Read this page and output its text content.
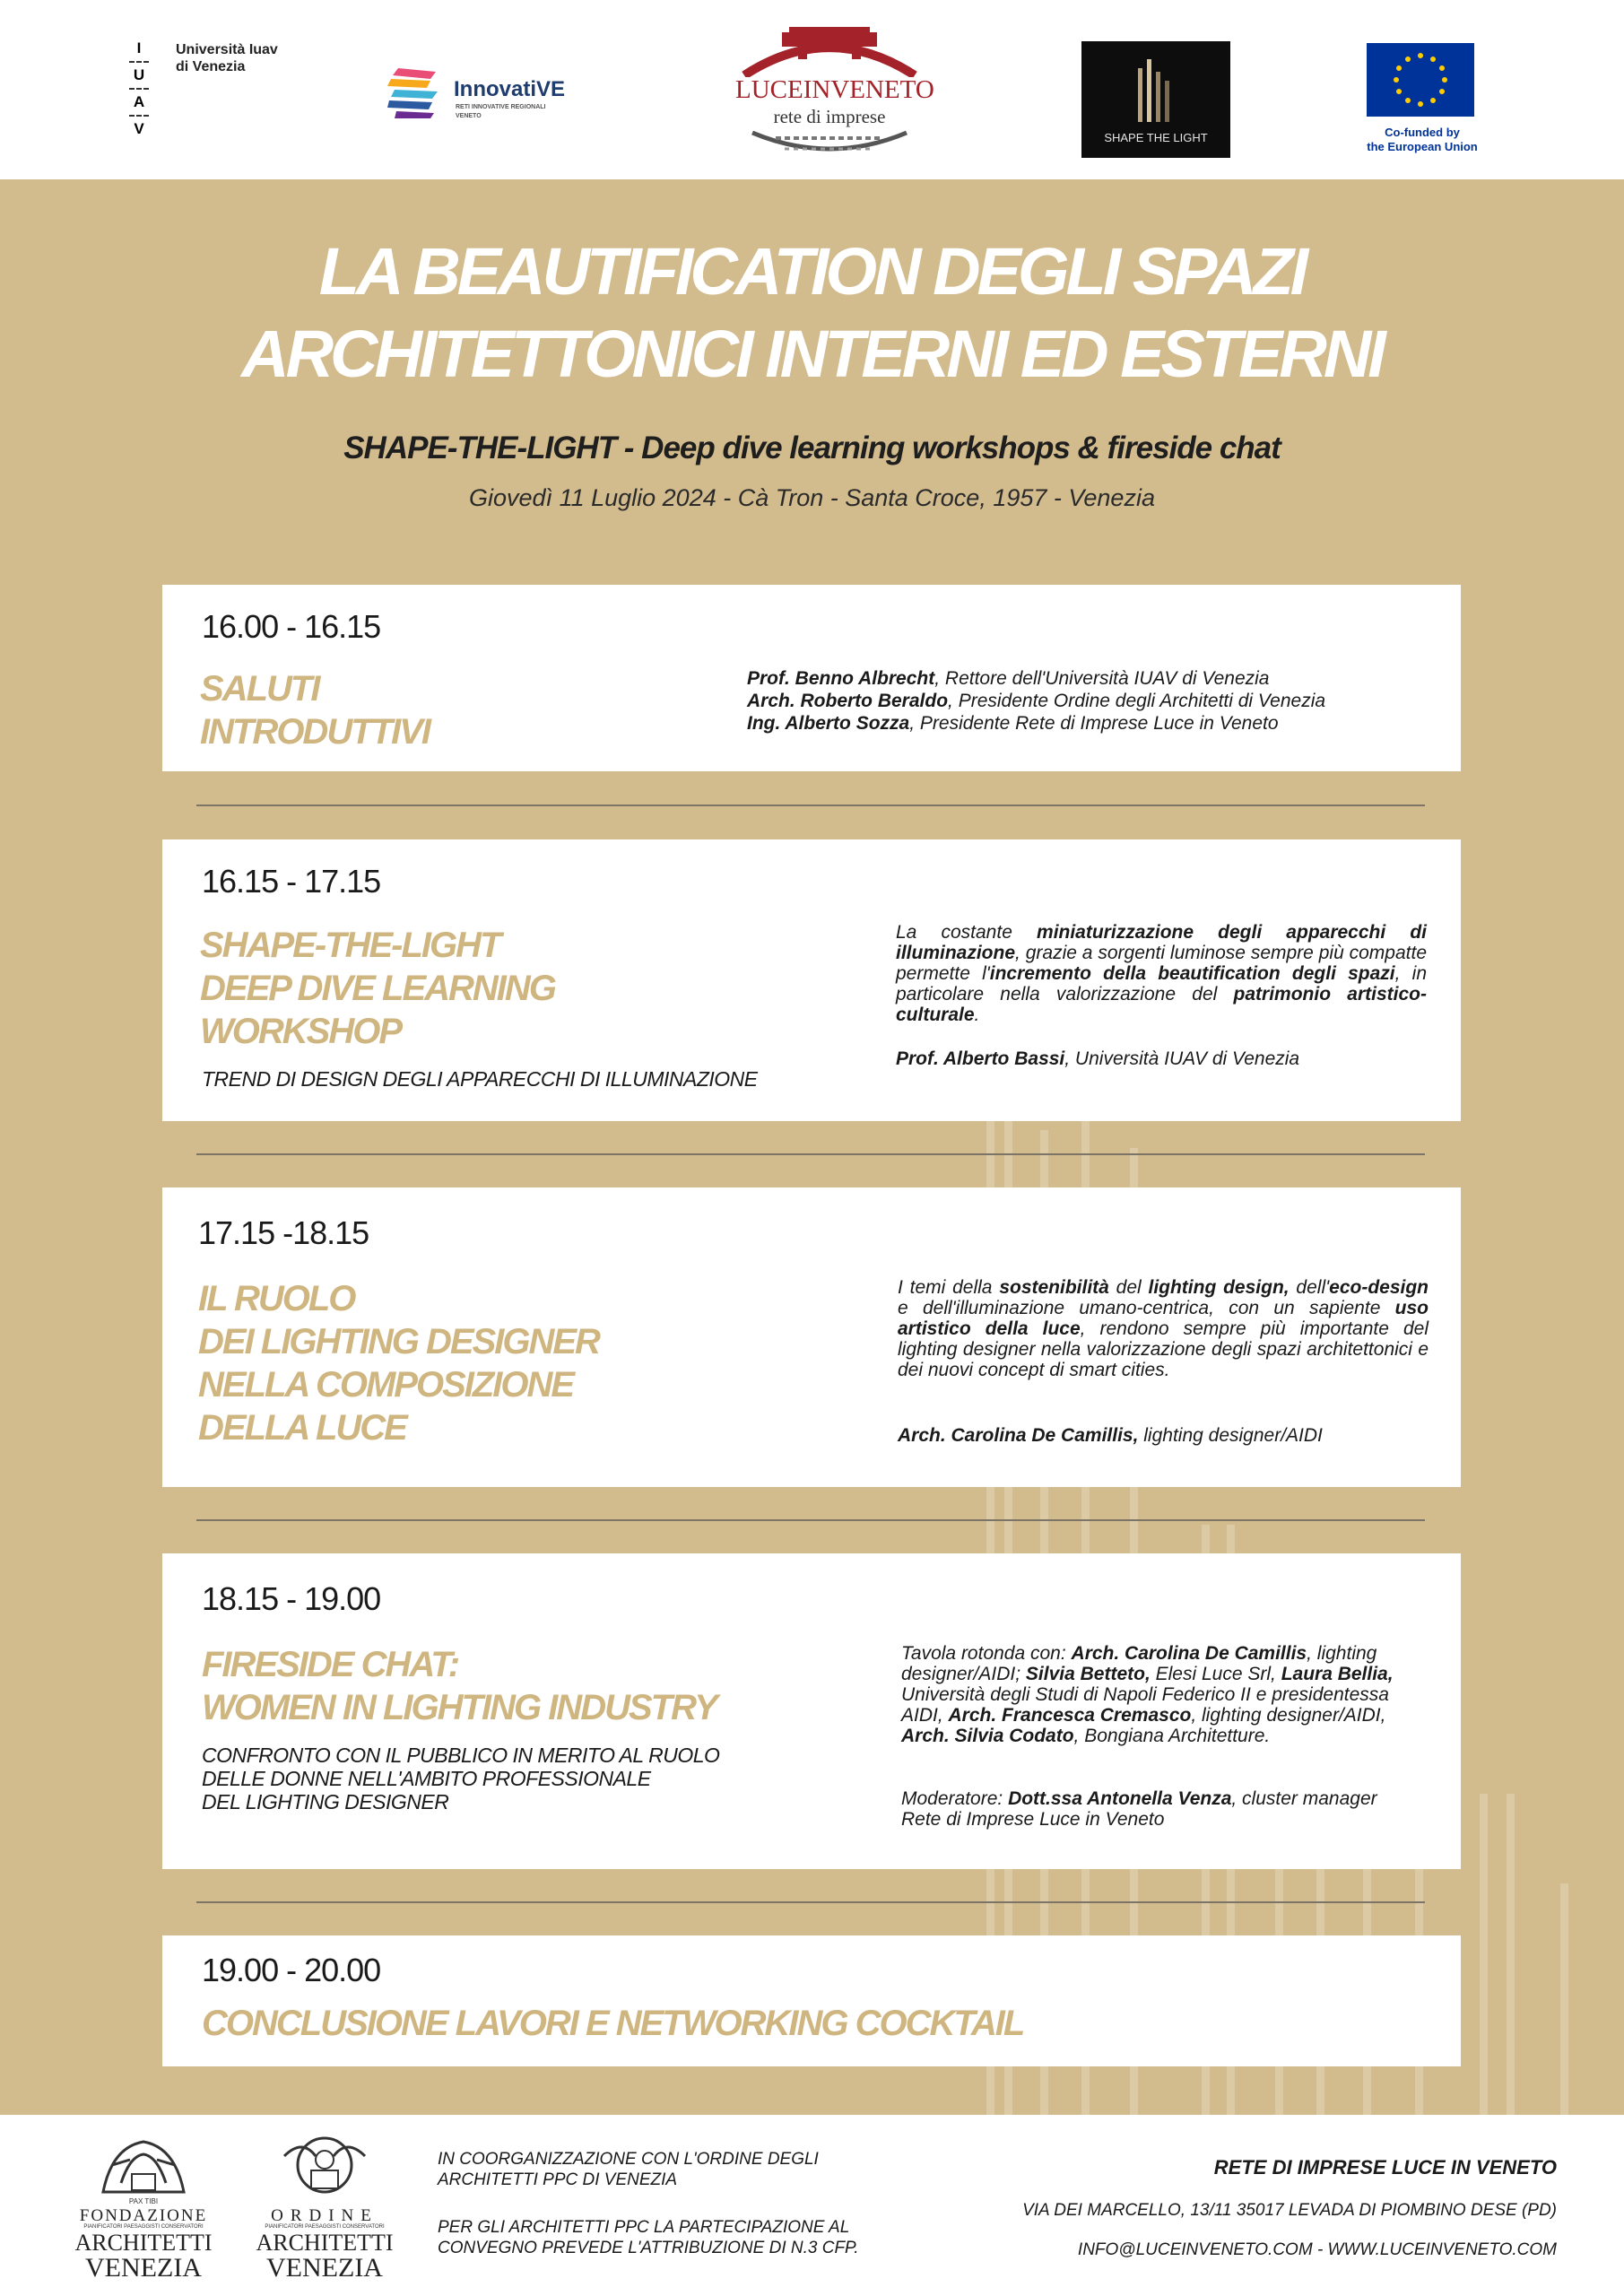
I
U
A
V
Università Iuav
di Venezia
InnovatiVE
RETI INNOVATIVE REGIONALI
VENETO
LUCEINVENETO
rete di imprese
SHAPE THE LIGHT	Co-funded by
the European Union
LA BEAUTIFICATION DEGLI SPAZI
ARCHITETTONICI INTERNI ED ESTERNI
SHAPE-THE-LIGHT - Deep dive learning workshops & fireside chat
Giovedì 11 Luglio 2024 - Cà Tron - Santa Croce, 1957 - Venezia
16.00 - 16.15
SALUTI
INTRODUTTIVI
Prof. Benno Albrecht, Rettore dell'Università IUAV di Venezia
Arch. Roberto Beraldo, Presidente Ordine degli Architetti di Venezia
Ing. Alberto Sozza, Presidente Rete di Imprese Luce in Veneto
16.15 - 17.15
SHAPE-THE-LIGHT
DEEP DIVE LEARNING
WORKSHOP
TREND DI DESIGN DEGLI APPARECCHI DI ILLUMINAZIONE
La costante miniaturizzazione degli apparecchi di illuminazione, grazie a sorgenti luminose sempre più compatte permette l'incremento della beautification degli spazi, in particolare nella valorizzazione del patrimonio artistico-culturale.
Prof. Alberto Bassi, Università IUAV di Venezia
17.15 -18.15
IL RUOLO
DEI LIGHTING DESIGNER
NELLA COMPOSIZIONE
DELLA LUCE
I temi della sostenibilità del lighting design, dell'eco-design e dell'illuminazione umano-centrica, con un sapiente uso artistico della luce, rendono sempre più importante del lighting designer nella valorizzazione degli spazi architettonici e dei nuovi concept di smart cities.
Arch. Carolina De Camillis, lighting designer/AIDI
18.15 - 19.00
FIRESIDE CHAT:
WOMEN IN LIGHTING INDUSTRY
CONFRONTO CON IL PUBBLICO IN MERITO AL RUOLO
DELLE DONNE NELL'AMBITO PROFESSIONALE
DEL LIGHTING DESIGNER
Tavola rotonda con: Arch. Carolina De Camillis, lighting designer/AIDI; Silvia Betteto, Elesi Luce Srl, Laura Bellia, Università degli Studi di Napoli Federico II e presidentessa AIDI, Arch. Francesca Cremasco, lighting designer/AIDI, Arch. Silvia Codato, Bongiana Architetture.
Moderatore: Dott.ssa Antonella Venza, cluster manager Rete di Imprese Luce in Veneto
19.00 - 20.00
CONCLUSIONE LAVORI E NETWORKING COCKTAIL
PAX TIBI
FONDAZIONE
PIANIFICATORI PAESAGGISTI CONSERVATORI
ARCHITETTI
VENEZIA
ORDINE
PIANIFICATORI PAESAGGISTI CONSERVATORI
ARCHITETTI
VENEZIA
IN COORGANIZZAZIONE CON L'ORDINE DEGLI
ARCHITETTI PPC DI VENEZIA
PER GLI ARCHITETTI PPC LA PARTECIPAZIONE AL
CONVEGNO PREVEDE L'ATTRIBUZIONE DI N.3 CFP.
RETE DI IMPRESE LUCE IN VENETO
VIA DEI MARCELLO, 13/11 35017 LEVADA DI PIOMBINO DESE (PD)
INFO@LUCEINVENETO.COM - WWW.LUCEINVENETO.COM
